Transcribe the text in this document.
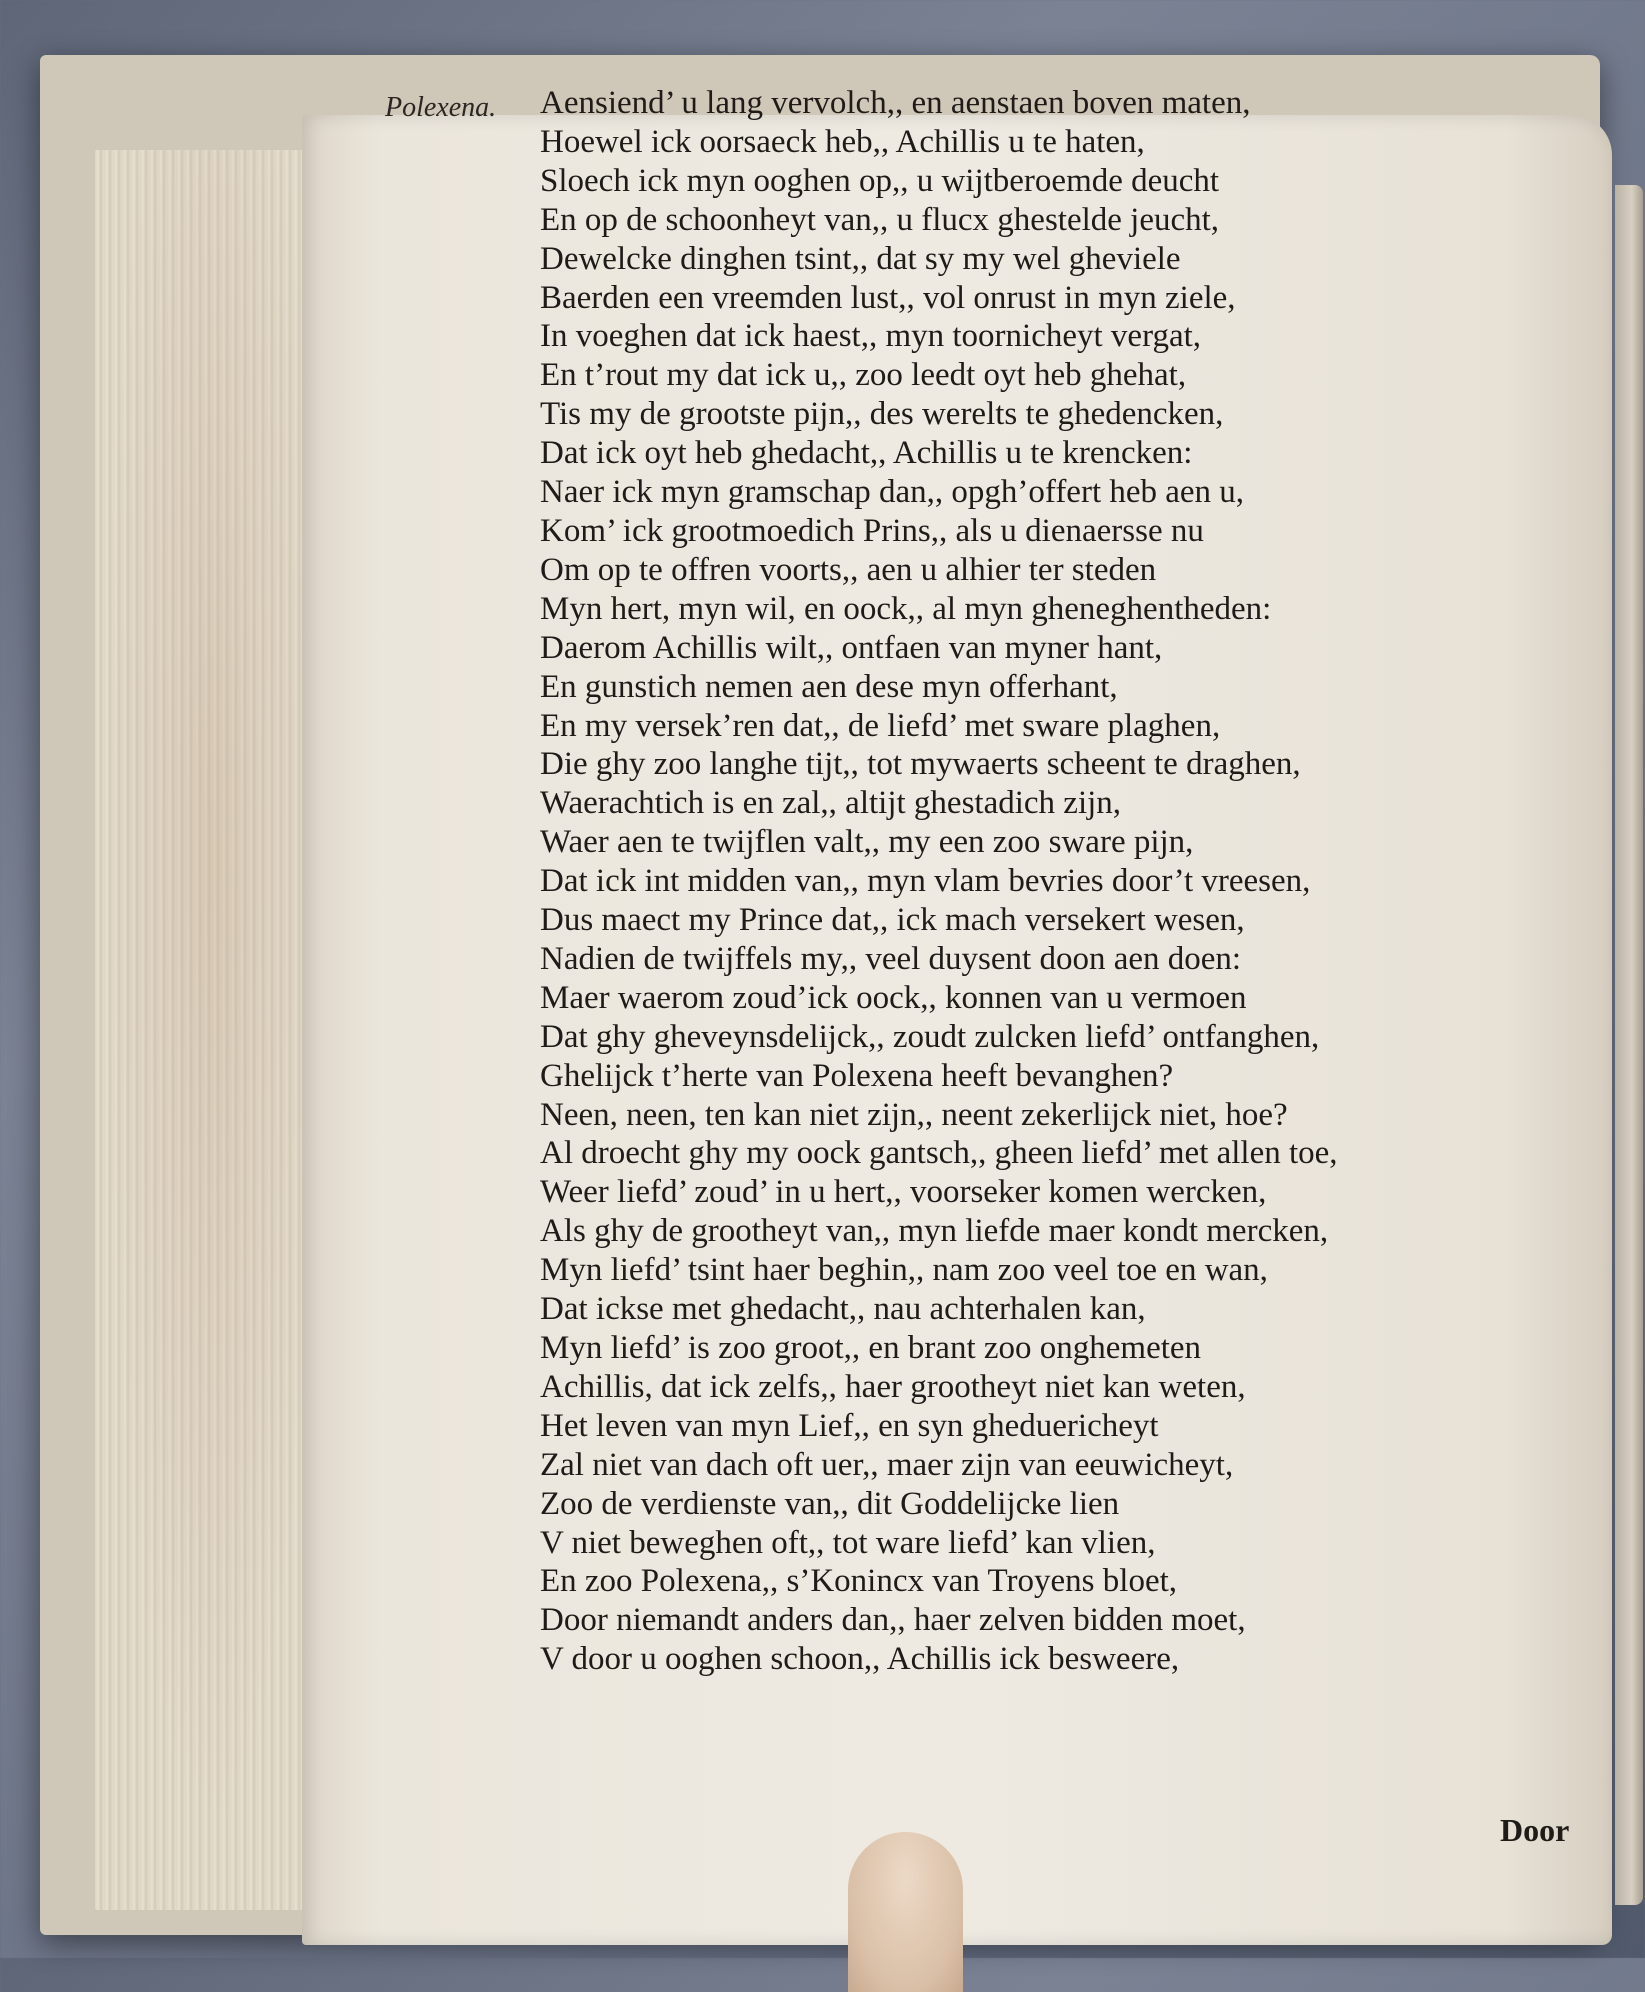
Polexena. Aensiend’ u lang vervolch,, en aenstaen boven maten,
Hoewel ick oorsaeck heb,, Achillis u te haten,
Sloech ick myn ooghen op,, u wijtberoemde deucht
En op de schoonheyt van,, u flucx ghestelde jeucht,
Dewelcke dinghen tsint,, dat sy my wel gheviele
Baerden een vreemden lust,, vol onrust in myn ziele,
In voeghen dat ick haest,, myn toornicheyt vergat,
En t’rout my dat ick u,, zoo leedt oyt heb ghehat,
Tis my de grootste pijn,, des werelts te ghedencken,
Dat ick oyt heb ghedacht,, Achillis u te krencken:
Naer ick myn gramschap dan,, opgh’offert heb aen u,
Kom’ ick grootmoedich Prins,, als u dienaersse nu
Om op te offren voorts,, aen u alhier ter steden
Myn hert, myn wil, en oock,, al myn gheneghentheden:
Daerom Achillis wilt,, ontfaen van myner hant,
En gunstich nemen aen dese myn offerhant,
En my versek’ren dat,, de liefd’ met sware plaghen,
Die ghy zoo langhe tijt,, tot mywaerts scheent te draghen,
Waerachtich is en zal,, altijt ghestadich zijn,
Waer aen te twijflen valt,, my een zoo sware pijn,
Dat ick int midden van,, myn vlam bevries door’t vreesen,
Dus maect my Prince dat,, ick mach versekert wesen,
Nadien de twijffels my,, veel duysent doon aen doen:
Maer waerom zoud’ick oock,, konnen van u vermoen
Dat ghy gheveynsdelijck,, zoudt zulcken liefd’ ontfanghen,
Ghelijck t’herte van Polexena heeft bevanghen?
Neen, neen, ten kan niet zijn,, neent zekerlijck niet, hoe?
Al droecht ghy my oock gantsch,, gheen liefd’ met allen toe,
Weer liefd’ zoud’ in u hert,, voorseker komen wercken,
Als ghy de grootheyt van,, myn liefde maer kondt mercken,
Myn liefd’ tsint haer beghin,, nam zoo veel toe en wan,
Dat ickse met ghedacht,, nau achterhalen kan,
Myn liefd’ is zoo groot,, en brant zoo onghemeten
Achillis, dat ick zelfs,, haer grootheyt niet kan weten,
Het leven van myn Lief,, en syn gheduericheyt
Zal niet van dach oft uer,, maer zijn van eeuwicheyt,
Zoo de verdienste van,, dit Goddelijcke lien
V niet beweghen oft,, tot ware liefd’ kan vlien,
En zoo Polexena,, s’Konincx van Troyens bloet,
Door niemandt anders dan,, haer zelven bidden moet,
V door u ooghen schoon,, Achillis ick besweere,
Door
